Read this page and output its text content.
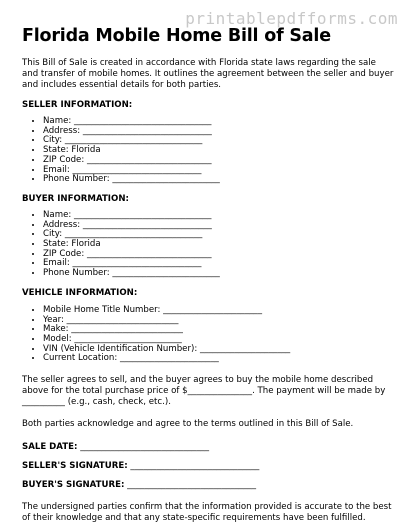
printablepdfforms.com
Florida Mobile Home Bill of Sale

This Bill of Sale is created in accordance with Florida state laws regarding the sale and transfer of mobile homes. It outlines the agreement between the seller and buyer and includes essential details for both parties.

SELLER INFORMATION:
• Name: ________________________________
• Address: ______________________________
• City: ________________________________
• State: Florida
• ZIP Code: _____________________________
• Email: ______________________________
• Phone Number: _________________________
BUYER INFORMATION:
• Name: ________________________________
• Address: ______________________________
• City: ________________________________
• State: Florida
• ZIP Code: _____________________________
• Email: ______________________________
• Phone Number: _________________________
VEHICLE INFORMATION:
• Mobile Home Title Number: _______________________
• Year: __________________________
• Make: __________________________
• Model: _________________________
• VIN (Vehicle Identification Number): _____________________
• Current Location: _______________________

The seller agrees to sell, and the buyer agrees to buy the mobile home described above for the total purchase price of $_______________. The payment will be made by __________ (e.g., cash, check, etc.).

Both parties acknowledge and agree to the terms outlined in this Bill of Sale.

SALE DATE: ______________________________
SELLER'S SIGNATURE: ______________________________
BUYER'S SIGNATURE: ______________________________

The undersigned parties confirm that the information provided is accurate to the best of their knowledge and that any state-specific requirements have been fulfilled.
